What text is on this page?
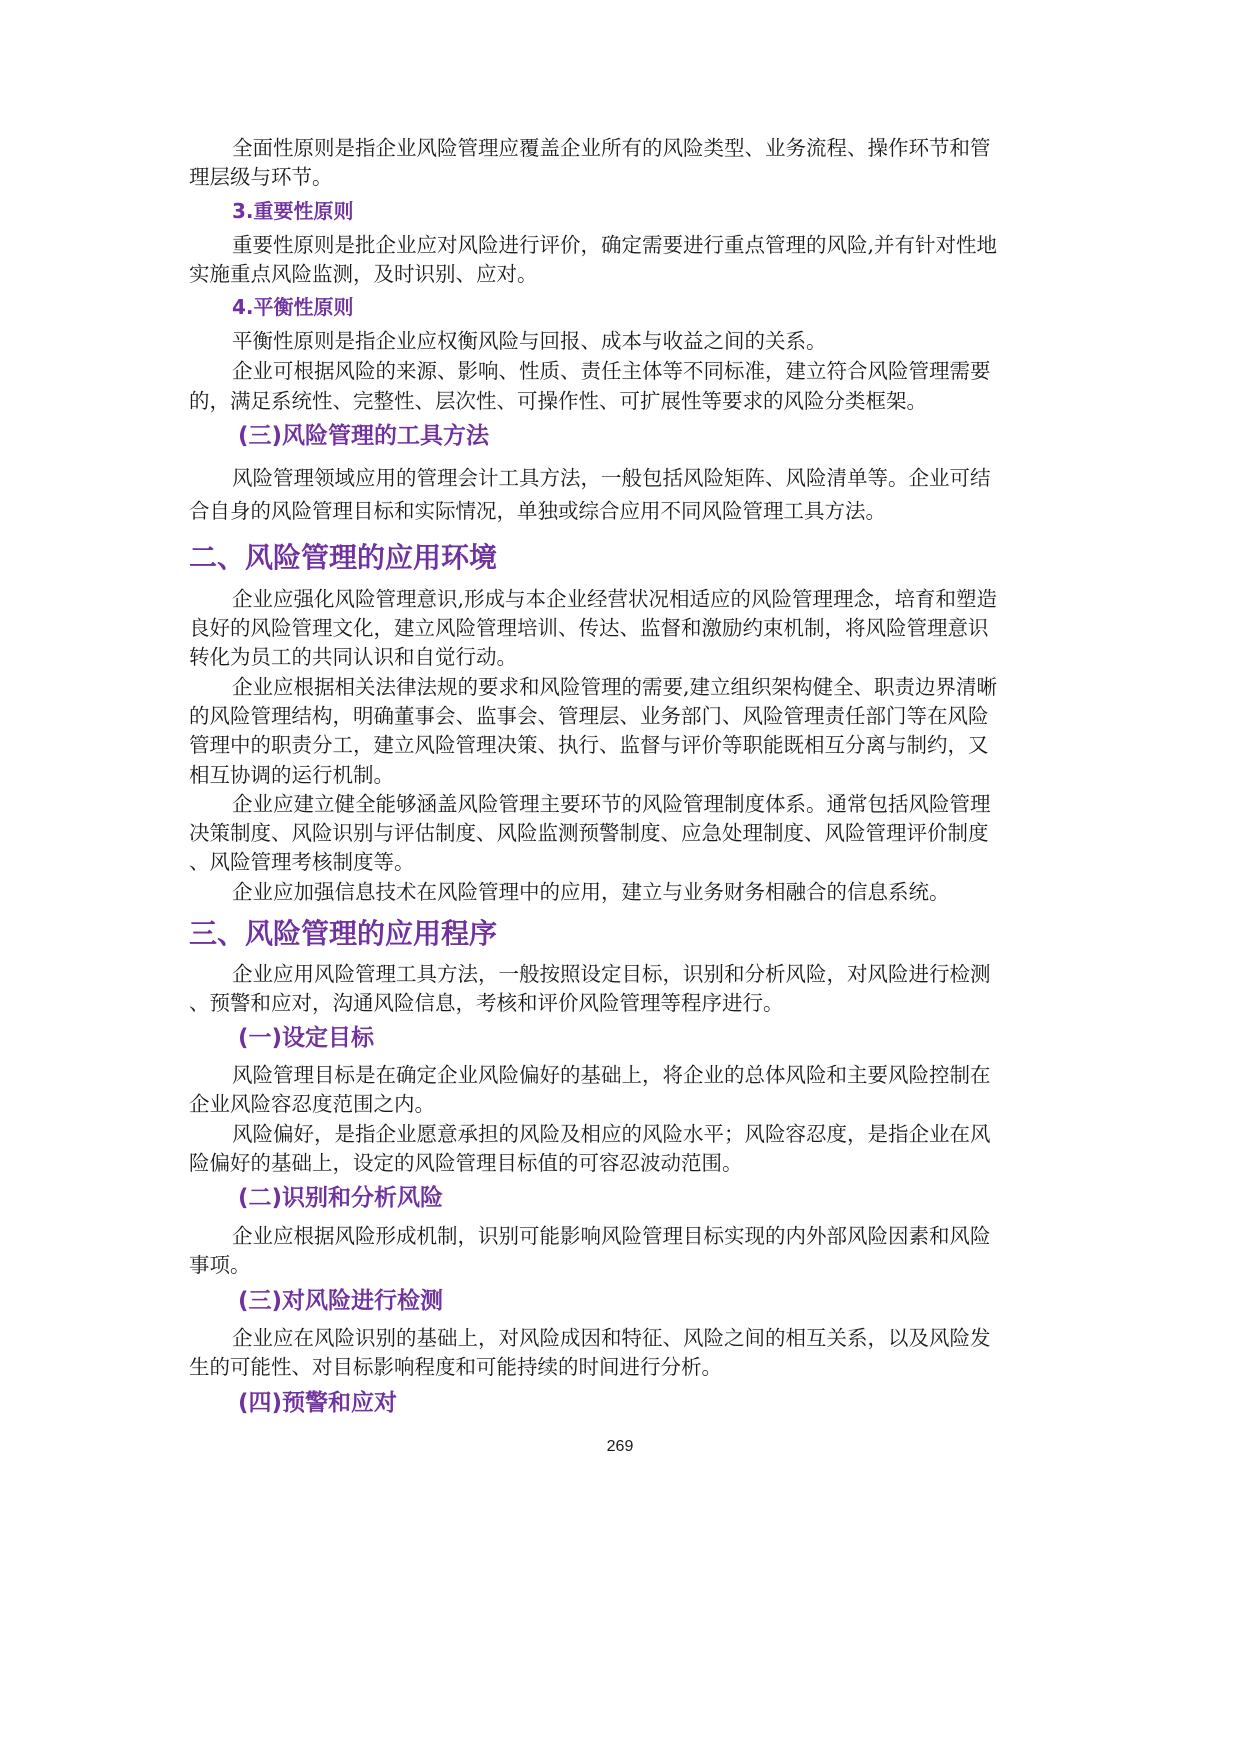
全面性原则是指企业风险管理应覆盖企业所有的风险类型、业务流程、操作环节和管

理层级与环节。

3.重要性原则

重要性原则是批企业应对风险进行评价，确定需要进行重点管理的风险,并有针对性地

实施重点风险监测，及时识别、应对。

4.平衡性原则

平衡性原则是指企业应权衡风险与回报、成本与收益之间的关系。

企业可根据风险的来源、影响、性质、责任主体等不同标准，建立符合风险管理需要

的，满足系统性、完整性、层次性、可操作性、可扩展性等要求的风险分类框架。

(三)风险管理的工具方法

风险管理领域应用的管理会计工具方法，一般包括风险矩阵、风险清单等。企业可结

合自身的风险管理目标和实际情况，单独或综合应用不同风险管理工具方法。

二、风险管理的应用环境

企业应强化风险管理意识,形成与本企业经营状况相适应的风险管理理念，培育和塑造

良好的风险管理文化，建立风险管理培训、传达、监督和激励约束机制，将风险管理意识

转化为员工的共同认识和自觉行动。

企业应根据相关法律法规的要求和风险管理的需要,建立组织架构健全、职责边界清晰

的风险管理结构，明确董事会、监事会、管理层、业务部门、风险管理责任部门等在风险

管理中的职责分工，建立风险管理决策、执行、监督与评价等职能既相互分离与制约，又

相互协调的运行机制。

企业应建立健全能够涵盖风险管理主要环节的风险管理制度体系。通常包括风险管理

决策制度、风险识别与评估制度、风险监测预警制度、应急处理制度、风险管理评价制度

、风险管理考核制度等。

企业应加强信息技术在风险管理中的应用，建立与业务财务相融合的信息系统。

三、风险管理的应用程序

企业应用风险管理工具方法，一般按照设定目标，识别和分析风险，对风险进行检测

、预警和应对，沟通风险信息，考核和评价风险管理等程序进行。

(一)设定目标

风险管理目标是在确定企业风险偏好的基础上，将企业的总体风险和主要风险控制在

企业风险容忍度范围之内。

风险偏好，是指企业愿意承担的风险及相应的风险水平；风险容忍度，是指企业在风

险偏好的基础上，设定的风险管理目标值的可容忍波动范围。

(二)识别和分析风险

企业应根据风险形成机制，识别可能影响风险管理目标实现的内外部风险因素和风险

事项。

(三)对风险进行检测

企业应在风险识别的基础上，对风险成因和特征、风险之间的相互关系，以及风险发

生的可能性、对目标影响程度和可能持续的时间进行分析。

(四)预警和应对
269
